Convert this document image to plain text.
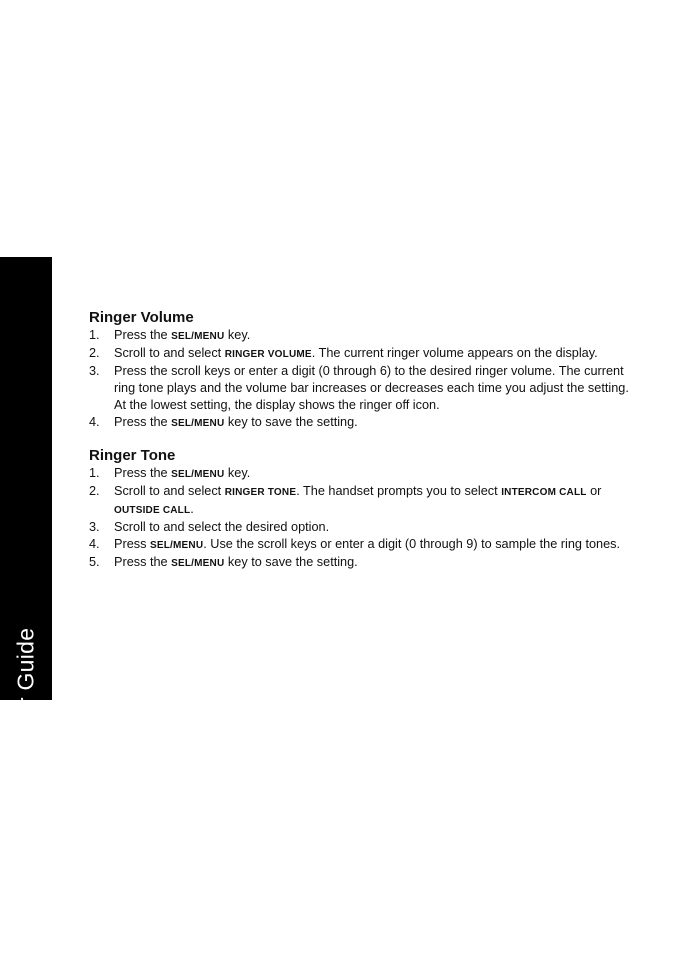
MD7151 User Guide
28
Ringer Volume
1.	Press the SEL/MENU key.
2.	Scroll to and select RINGER VOLUME. The current ringer volume appears on the display.
3.	Press the scroll keys or enter a digit (0 through 6) to the desired ringer volume. The current ring tone plays and the volume bar increases or decreases each time you adjust the setting. At the lowest setting, the display shows the ringer off icon.
4.	Press the SEL/MENU key to save the setting.
Ringer Tone
1.	Press the SEL/MENU key.
2.	Scroll to and select RINGER TONE. The handset prompts you to select INTERCOM CALL or OUTSIDE CALL.
3.	Scroll to and select the desired option.
4.	Press SEL/MENU. Use the scroll keys or enter a digit (0 through 9) to sample the ring tones.
5.	Press the SEL/MENU key to save the setting.
